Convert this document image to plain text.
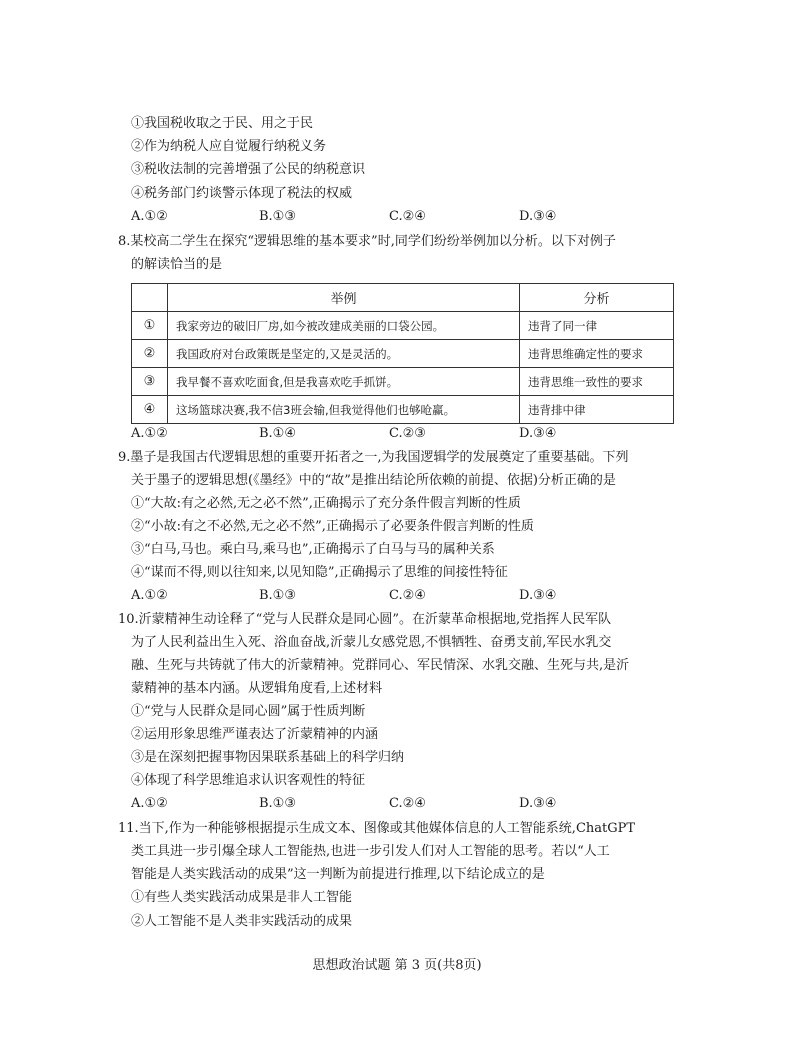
①我国税收取之于民、用之于民
②作为纳税人应自觉履行纳税义务
③税收法制的完善增强了公民的纳税意识
④税务部门约谈警示体现了税法的权威
A.①②	B.①③	C.②④	D.③④
8.某校高二学生在探究“逻辑思维的基本要求”时,同学们纷纷举例加以分析。以下对例子
的解读恰当的是
	举例	分析
①	我家旁边的破旧厂房,如今被改建成美丽的口袋公园。	违背了同一律
②	我国政府对台政策既是坚定的,又是灵活的。	违背思维确定性的要求
③	我早餐不喜欢吃面食,但是我喜欢吃手抓饼。	违背思维一致性的要求
④	这场篮球决赛,我不信3班会输,但我觉得他们也够呛赢。	违背排中律
A.①②	B.①④	C.②③	D.③④
9.墨子是我国古代逻辑思想的重要开拓者之一,为我国逻辑学的发展奠定了重要基础。下列
关于墨子的逻辑思想(《墨经》中的“故”是推出结论所依赖的前提、依据)分析正确的是
①“大故:有之必然,无之必不然”,正确揭示了充分条件假言判断的性质
②“小故:有之不必然,无之必不然”,正确揭示了必要条件假言判断的性质
③“白马,马也。乘白马,乘马也”,正确揭示了白马与马的属种关系
④“谋而不得,则以往知来,以见知隐”,正确揭示了思维的间接性特征
A.①②	B.①③	C.②④	D.③④
10.沂蒙精神生动诠释了“党与人民群众是同心圆”。在沂蒙革命根据地,党指挥人民军队
为了人民利益出生入死、浴血奋战,沂蒙儿女感党恩,不惧牺牲、奋勇支前,军民水乳交
融、生死与共铸就了伟大的沂蒙精神。党群同心、军民情深、水乳交融、生死与共,是沂
蒙精神的基本内涵。从逻辑角度看,上述材料
①“党与人民群众是同心圆”属于性质判断
②运用形象思维严谨表达了沂蒙精神的内涵
③是在深刻把握事物因果联系基础上的科学归纳
④体现了科学思维追求认识客观性的特征
A.①②	B.①③	C.②④	D.③④
11.当下,作为一种能够根据提示生成文本、图像或其他媒体信息的人工智能系统,ChatGPT
类工具进一步引爆全球人工智能热,也进一步引发人们对人工智能的思考。若以“人工
智能是人类实践活动的成果”这一判断为前提进行推理,以下结论成立的是
①有些人类实践活动成果是非人工智能
②人工智能不是人类非实践活动的成果
思想政治试题 第 3 页(共8页)
